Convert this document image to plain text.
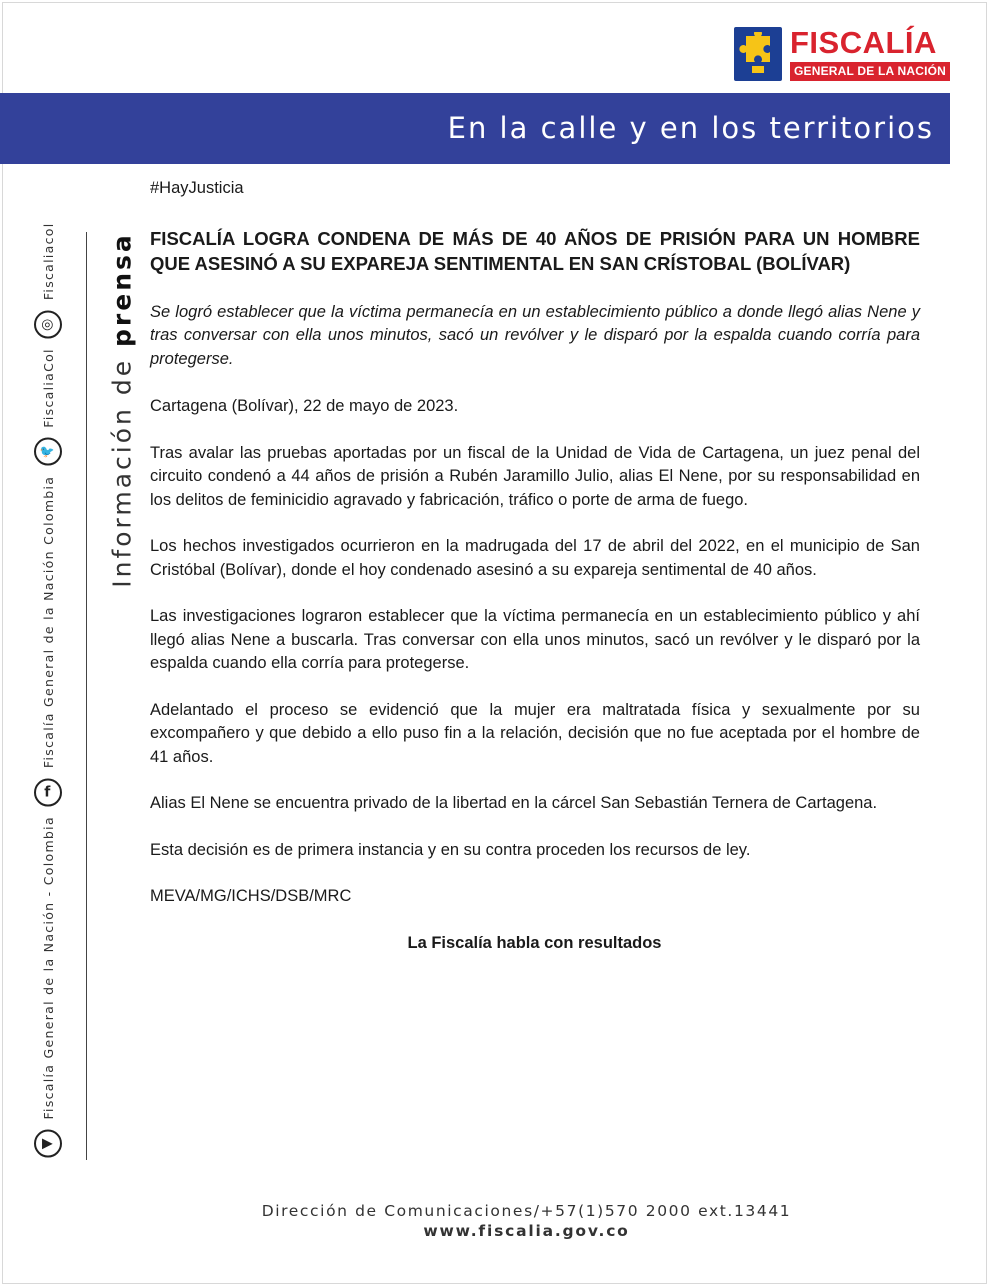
FISCALÍA
GENERAL DE LA NACIÓN
En la calle y en los territorios
Información de prensa
▶
Fiscalía General de la Nación - Colombia
f
Fiscalía General de la Nación Colombia
🐦
FiscaliaCol
◎
Fiscaliacol

#HayJusticia

FISCALÍA LOGRA CONDENA DE MÁS DE 40 AÑOS DE PRISIÓN PARA UN HOMBRE QUE ASESINÓ A SU EXPAREJA SENTIMENTAL EN SAN CRÍSTOBAL (BOLÍVAR)

Se logró establecer que la víctima permanecía en un establecimiento público a donde llegó alias Nene y tras conversar con ella unos minutos, sacó un revólver y le disparó por la espalda cuando corría para protegerse.

Cartagena (Bolívar), 22 de mayo de 2023.

Tras avalar las pruebas aportadas por un fiscal de la Unidad de Vida de Cartagena, un juez penal del circuito condenó a 44 años de prisión a Rubén Jaramillo Julio, alias El Nene, por su responsabilidad en los delitos de feminicidio agravado y fabricación, tráfico o porte de arma de fuego.

Los hechos investigados ocurrieron en la madrugada del 17 de abril del 2022, en el municipio de San Cristóbal (Bolívar), donde el hoy condenado asesinó a su expareja sentimental de 40 años.

Las investigaciones lograron establecer que la víctima permanecía en un establecimiento público y ahí llegó alias Nene a buscarla. Tras conversar con ella unos minutos, sacó un revólver y le disparó por la espalda cuando ella corría para protegerse.

Adelantado el proceso se evidenció que la mujer era maltratada física y sexualmente por su excompañero y que debido a ello puso fin a la relación, decisión que no fue aceptada por el hombre de 41 años.

Alias El Nene se encuentra privado de la libertad en la cárcel San Sebastián Ternera de Cartagena.

Esta decisión es de primera instancia y en su contra proceden los recursos de ley.

MEVA/MG/ICHS/DSB/MRC

La Fiscalía habla con resultados

Dirección de Comunicaciones/+57(1)570 2000 ext.13441
www.fiscalia.gov.co
